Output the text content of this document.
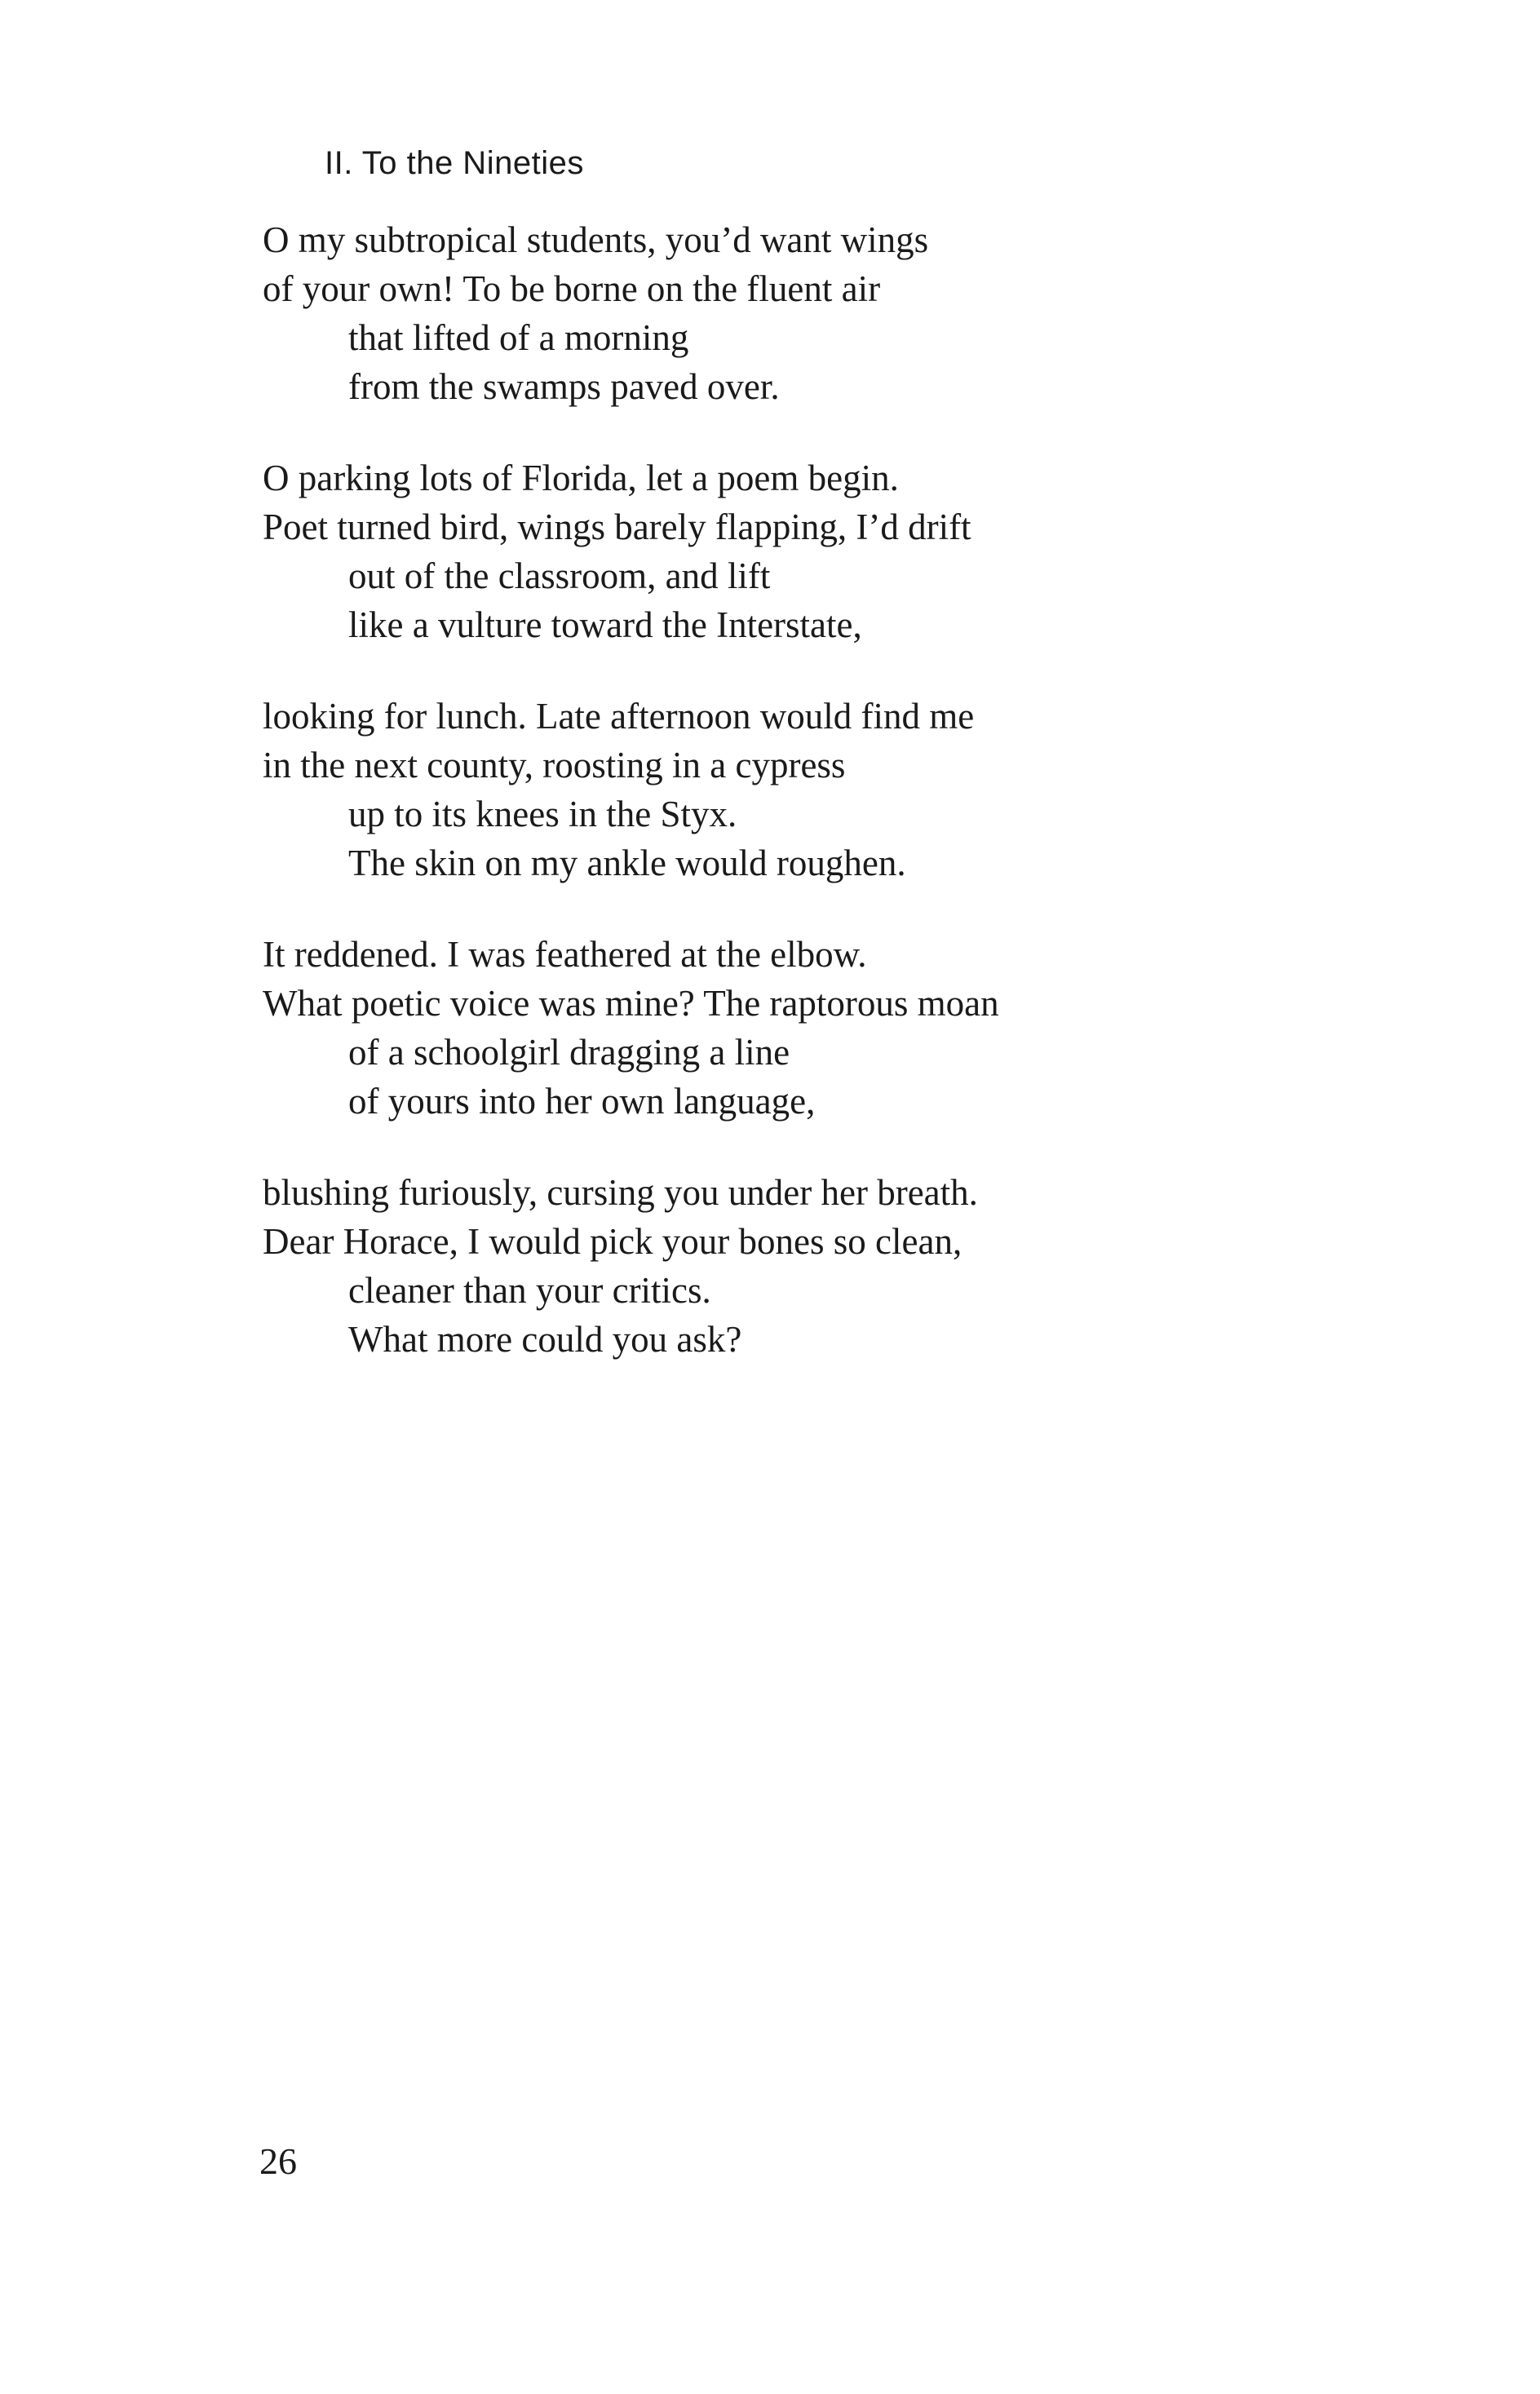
II. To the Nineties
O my subtropical students, you’d want wings
of your own! To be borne on the fluent air
that lifted of a morning
from the swamps paved over.
O parking lots of Florida, let a poem begin.
Poet turned bird, wings barely flapping, I’d drift
out of the classroom, and lift
like a vulture toward the Interstate,
looking for lunch. Late afternoon would find me
in the next county, roosting in a cypress
up to its knees in the Styx.
The skin on my ankle would roughen.
It reddened. I was feathered at the elbow.
What poetic voice was mine? The raptorous moan
of a schoolgirl dragging a line
of yours into her own language,
blushing furiously, cursing you under her breath.
Dear Horace, I would pick your bones so clean,
cleaner than your critics.
What more could you ask?

26
